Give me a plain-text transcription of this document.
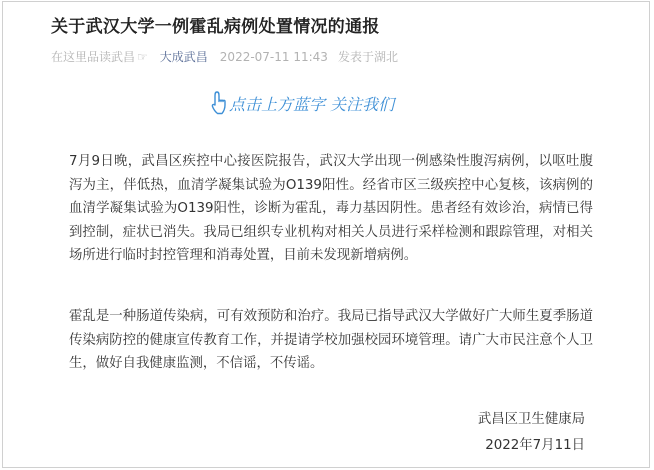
关于武汉大学一例霍乱病例处置情况的通报
在这里品读武昌 ☞ 大成武昌 2022-07-11 11:43 发表于湖北
点击上方蓝字 关注我们

7月9日晚，武昌区疾控中心接医院报告，武汉大学出现一例感染性腹泻病例，以呕吐腹泻为主，伴低热，血清学凝集试验为O139阳性。经省市区三级疾控中心复核，该病例的血清学凝集试验为O139阳性，诊断为霍乱，毒力基因阴性。患者经有效诊治，病情已得到控制，症状已消失。我局已组织专业机构对相关人员进行采样检测和跟踪管理，对相关场所进行临时封控管理和消毒处置，目前未发现新增病例。

霍乱是一种肠道传染病，可有效预防和治疗。我局已指导武汉大学做好广大师生夏季肠道传染病防控的健康宣传教育工作，并提请学校加强校园环境管理。请广大市民注意个人卫生，做好自我健康监测，不信谣，不传谣。

武昌区卫生健康局
2022年7月11日
